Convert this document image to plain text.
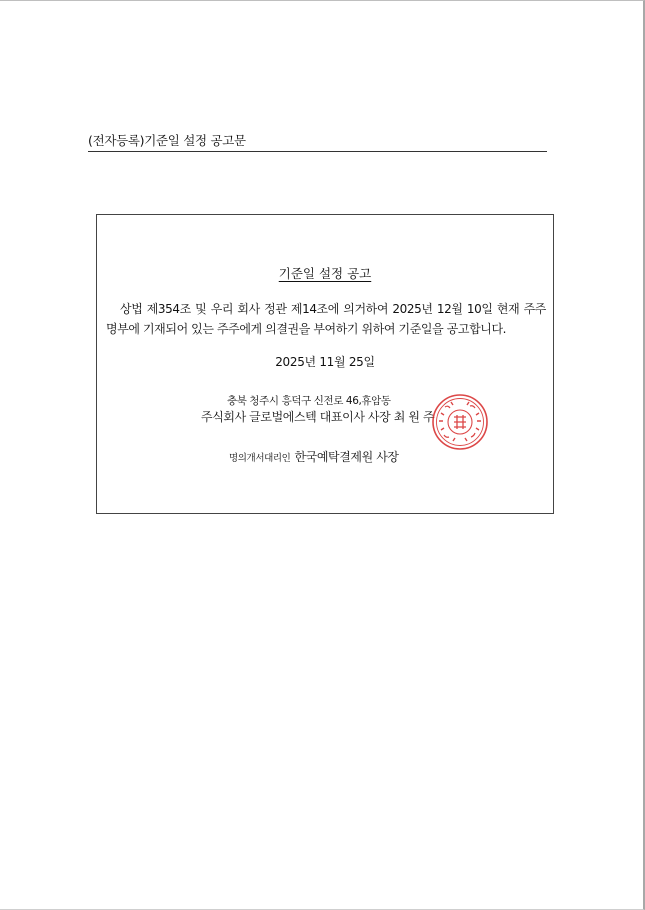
(전자등록)기준일 설정 공고문
기준일 설정 공고
상법 제354조 및 우리 회사 정관 제14조에 의거하여 2025년 12월 10일 현재 주주
명부에 기재되어 있는 주주에게 의결권을 부여하기 위하여 기준일을 공고합니다.
2025년 11월 25일
충북 청주시 흥덕구 신전로 46,휴암동
주식회사 글로벌에스텍 대표이사 사장 최 원 주
명의개서대리인 한국예탁결제원 사장
